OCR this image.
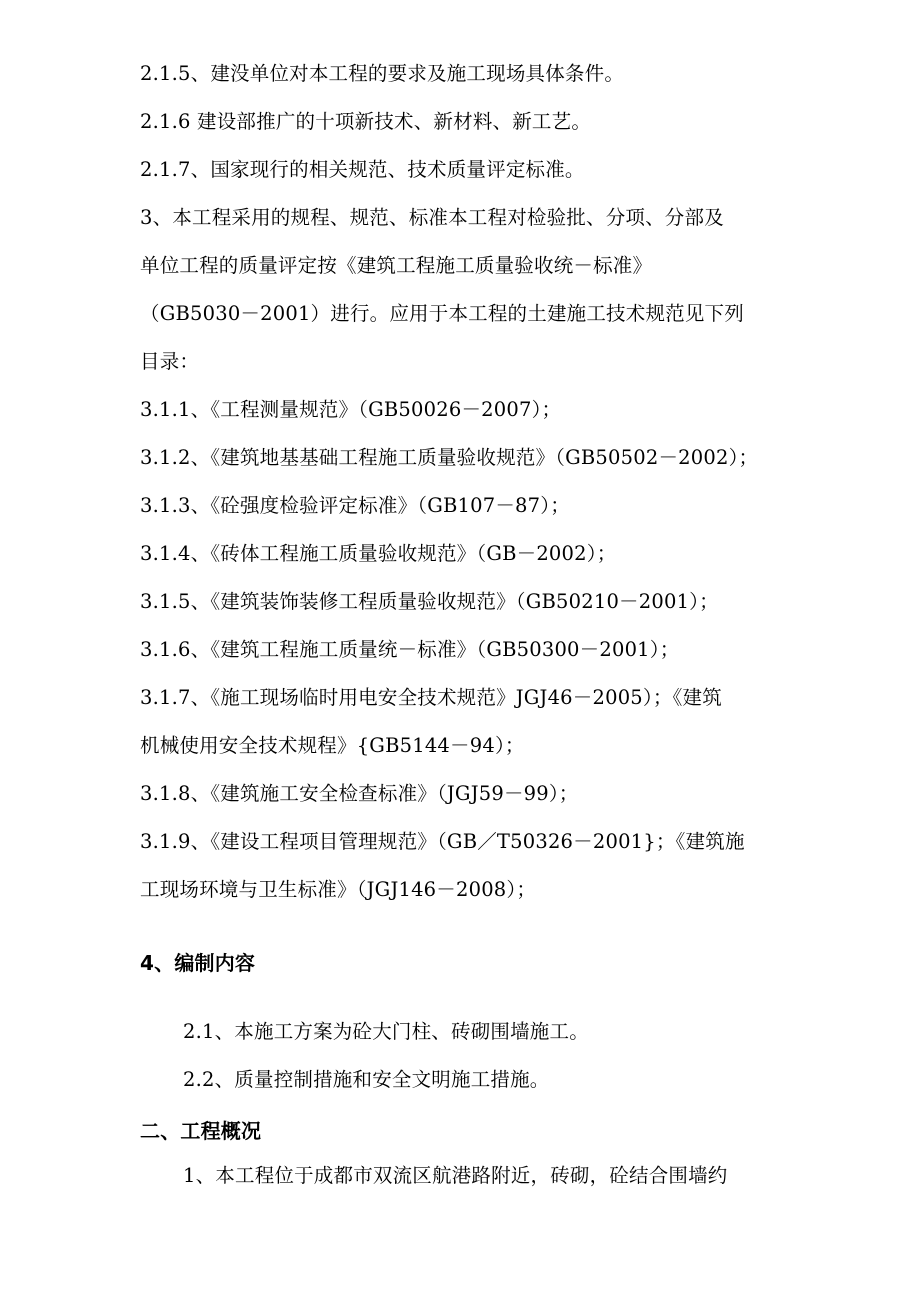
2.1.5、建没单位对本工程的要求及施工现场具体条件。
2.1.6 建设部推广的十项新技术、新材料、新工艺。
2.1.7、国家现行的相关规范、技术质量评定标准。
3、本工程采用的规程、规范、标准本工程对检验批、分项、分部及
单位工程的质量评定按《建筑工程施工质量验收统－标准》
（GB5030－2001）进行。应用于本工程的土建施工技术规范见下列
目录：
3.1.1、《工程测量规范》（GB50026－2007）；
3.1.2、《建筑地基基础工程施工质量验收规范》（GB50502－2002）；
3.1.3、《砼强度检验评定标准》（GB107－87）；
3.1.4、《砖体工程施工质量验收规范》（GB－2002）；
3.1.5、《建筑装饰装修工程质量验收规范》（GB50210－2001）；
3.1.6、《建筑工程施工质量统－标准》（GB50300－2001）；
3.1.7、《施工现场临时用电安全技术规范》JGJ46－2005）；《建筑
机械使用安全技术规程》{GB5144－94）；
3.1.8、《建筑施工安全检查标准》（JGJ59－99）；
3.1.9、《建设工程项目管理规范》（GB／T50326－2001}；《建筑施
工现场环境与卫生标准》（JGJ146－2008）；
4、编制内容
2.1、本施工方案为砼大门柱、砖砌围墙施工。
2.2、质量控制措施和安全文明施工措施。
二、工程概况
1、本工程位于成都市双流区航港路附近，砖砌，砼结合围墙约
